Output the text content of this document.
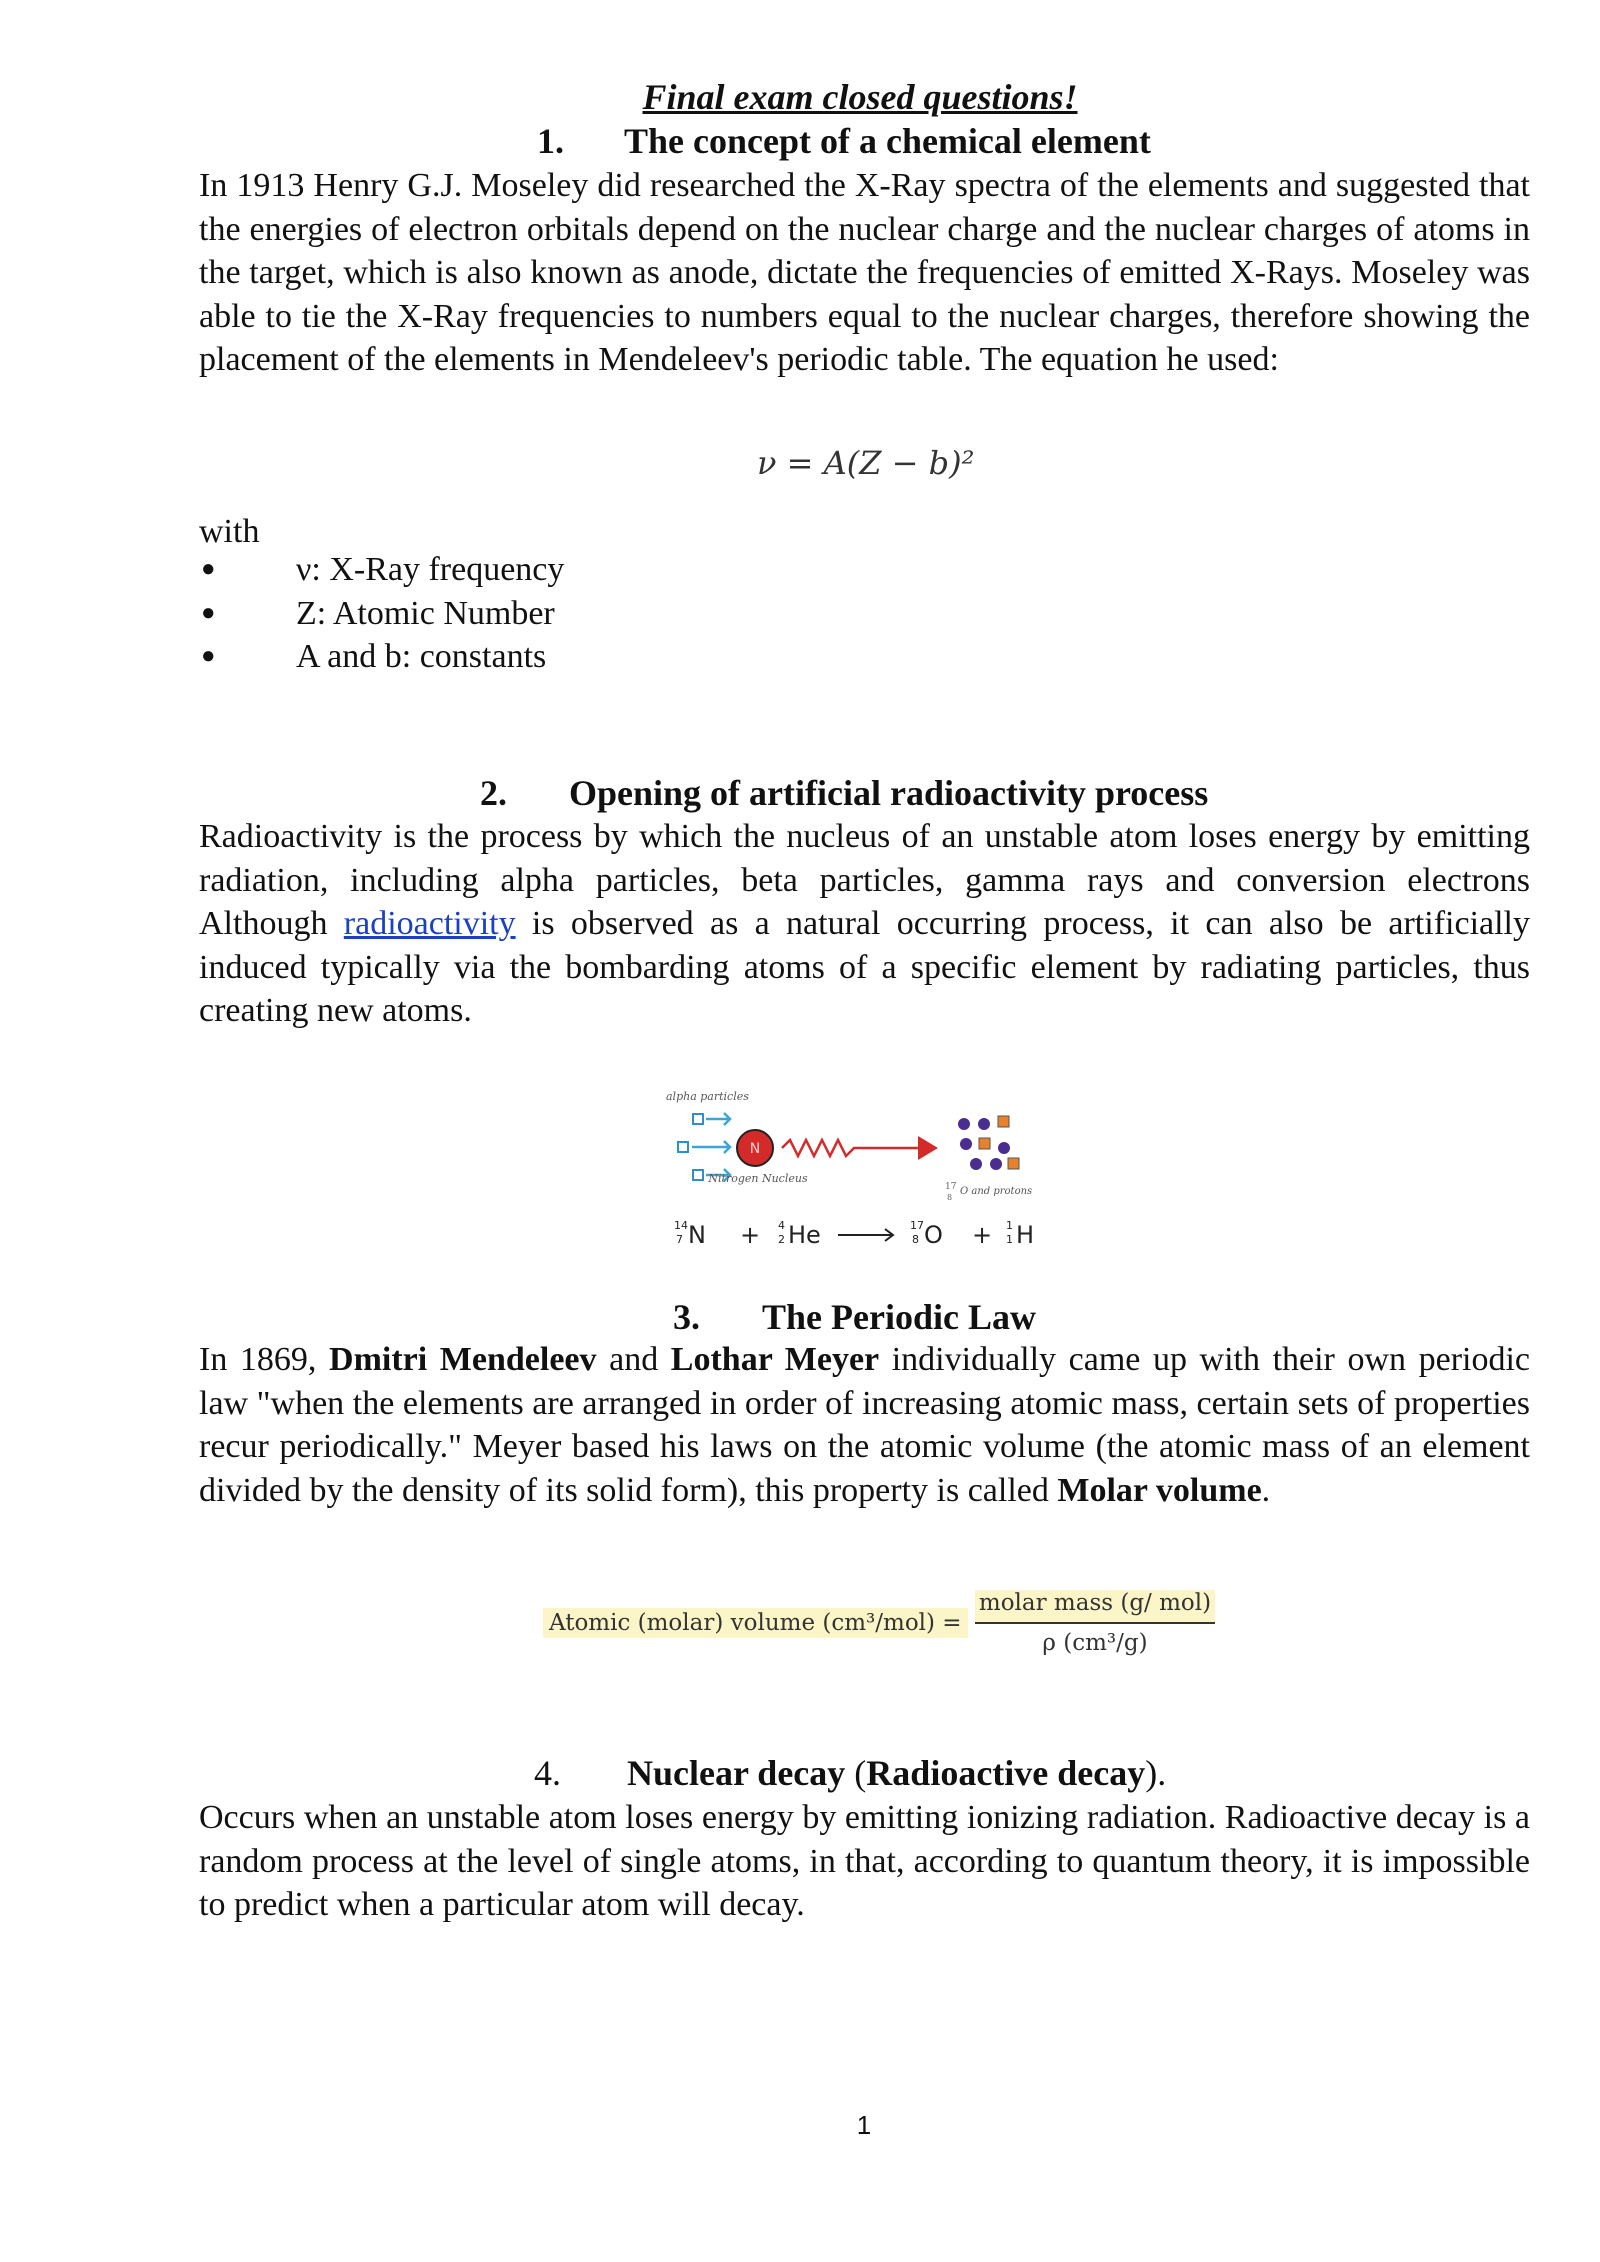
Final exam closed questions!
1. The concept of a chemical element

In 1913 Henry G.J. Moseley did researched the X-Ray spectra of the elements and suggested that the energies of electron orbitals depend on the nuclear charge and the nuclear charges of atoms in the target, which is also known as anode, dictate the frequencies of emitted X-Rays. Moseley was able to tie the X-Ray frequencies to numbers equal to the nuclear charges, therefore showing the placement of the elements in Mendeleev's periodic table. The equation he used:

ν = A(Z − b)²
with
● ν: X-Ray frequency
● Z: Atomic Number
● A and b: constants
2. Opening of artificial radioactivity process

Radioactivity is the process by which the nucleus of an unstable atom loses energy by emitting radiation, including alpha particles, beta particles, gamma rays and conversion electrons Although radioactivity is observed as a natural occurring process, it can also be artificially induced typically via the bombarding atoms of a specific element by radiating particles, thus creating new atoms.

alpha particles
N
Nitrogen Nucleus
17
8
O and protons
14
7 N + 4
2 He	17
8 O + 1
1 H
3. The Periodic Law

In 1869, Dmitri Mendeleev and Lothar Meyer individually came up with their own periodic law "when the elements are arranged in order of increasing atomic mass, certain sets of properties recur periodically." Meyer based his laws on the atomic volume (the atomic mass of an element divided by the density of its solid form), this property is called Molar volume.

Atomic (molar) volume $(cm^3/mol) = \frac{\text{molar mass (g/ mol)}}{\text{ρ (cm³/g)}}$
4. Nuclear decay (Radioactive decay).

Occurs when an unstable atom loses energy by emitting ionizing radiation. Radioactive decay is a random process at the level of single atoms, in that, according to quantum theory, it is impossible to predict when a particular atom will decay.

1
